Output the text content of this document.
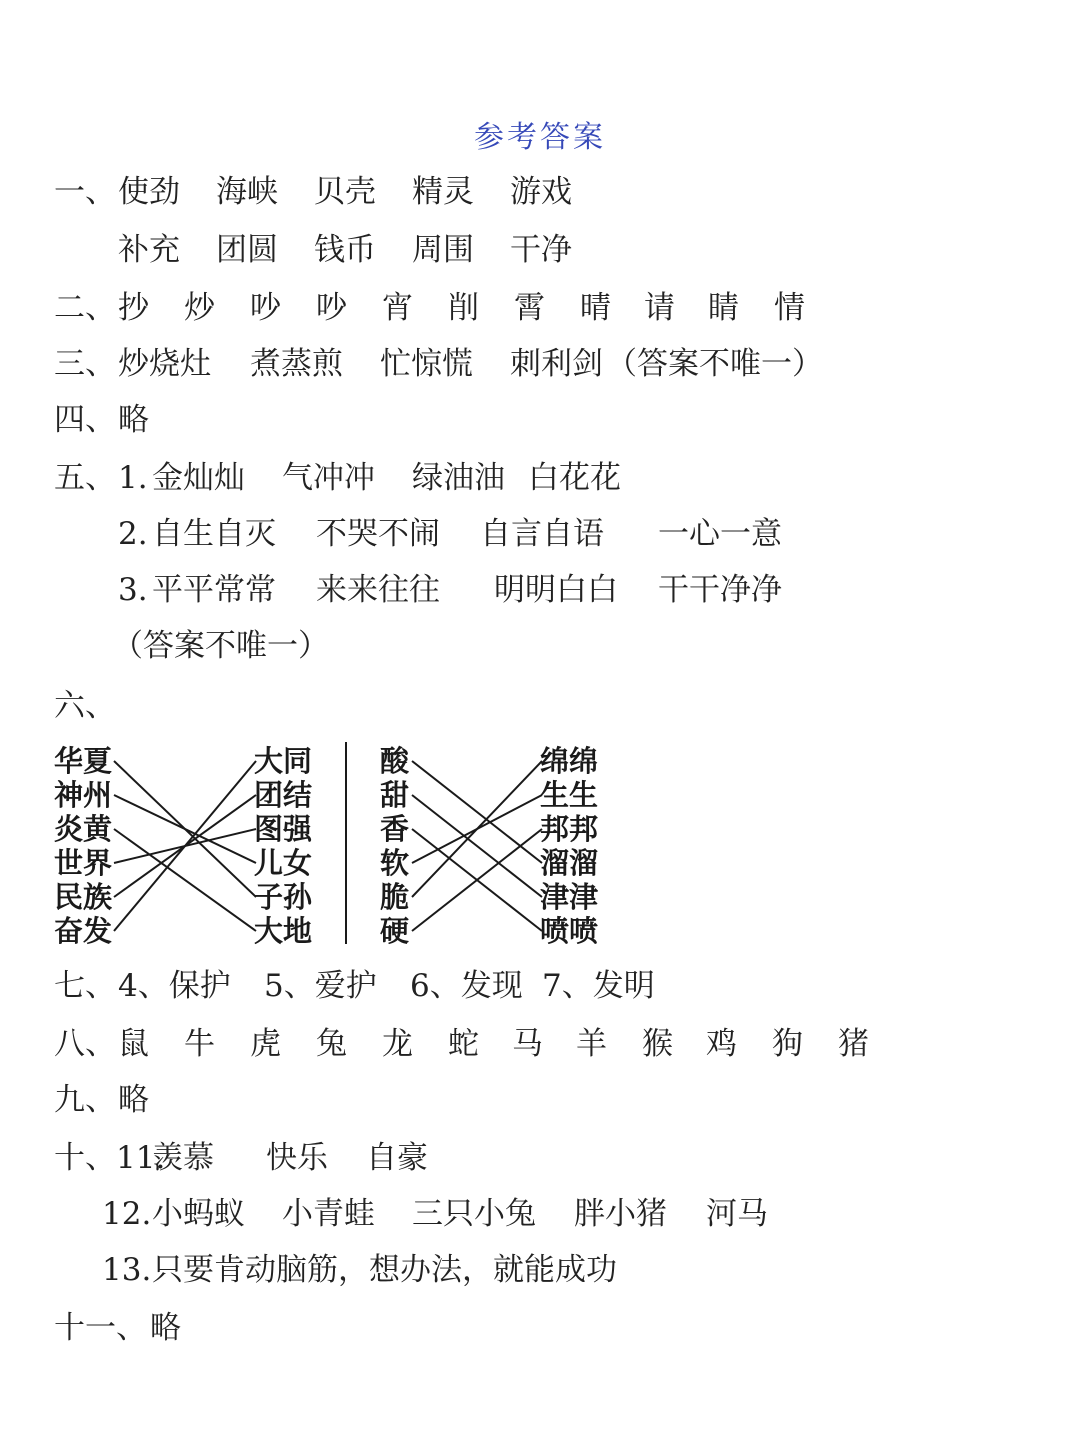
参考答案
一、 使劲 海峡 贝壳 精灵 游戏
补充 团圆 钱币 周围 干净
二、 抄 炒 吵 吵 宵 削 霄 晴 请 睛 情
三、 炒烧灶 煮蒸煎 忙惊慌 刺利剑 （答案不唯一）
四、 略
五、 1. 金灿灿 气冲冲 绿油油 白花花
2. 自生自灭 不哭不闹 自言自语 一心一意
3. 平平常常 来来往往 明明白白 干干净净
（答案不唯一）
六、
华夏
神州
炎黄
世界
民族
奋发
大同
团结
图强
儿女
子孙
大地
酸
甜
香
软
脆
硬
绵绵
生生
邦邦
溜溜
津津
喷喷
七、 4、保护 5、爱护 6、发现 7、发明
八、 鼠 牛 虎 兔 龙 蛇 马 羊 猴 鸡 狗 猪
九、 略
十、 11.
羡慕 快乐 自豪
12. 小蚂蚁 小青蛙 三只小兔 胖小猪 河马
13. 只要肯动脑筋，想办法，就能成功
十一、 略
